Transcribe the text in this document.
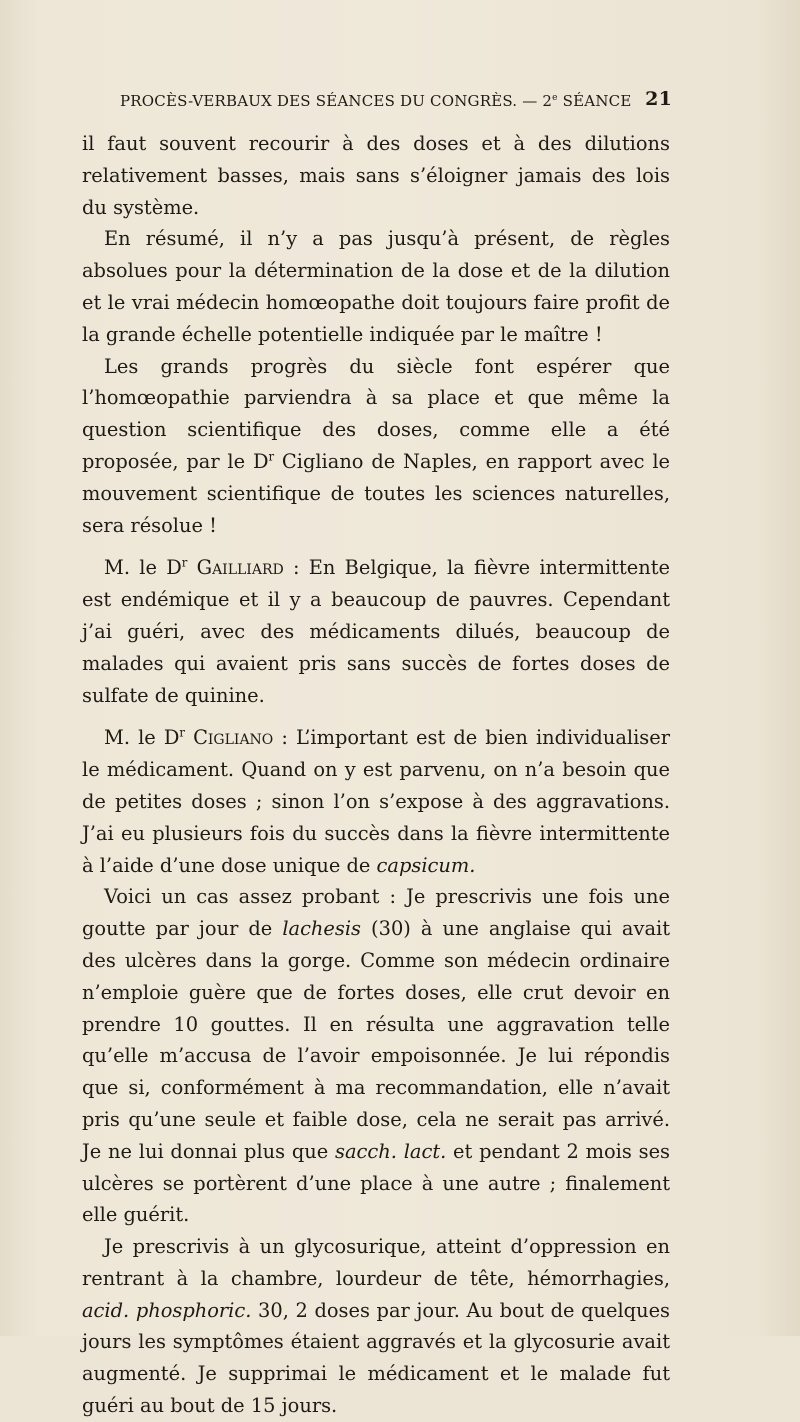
PROCÈS-VERBAUX DES SÉANCES DU CONGRÈS. — 2e SÉANCE 21

il faut souvent recourir à des doses et à des dilutions relativement basses, mais sans s’éloigner jamais des lois du système.

En résumé, il n’y a pas jusqu’à présent, de règles absolues pour la détermination de la dose et de la dilution et le vrai médecin homœopathe doit toujours faire profit de la grande échelle potentielle indiquée par le maître !

Les grands progrès du siècle font espérer que l’homœopathie parviendra à sa place et que même la question scientifique des doses, comme elle a été proposée, par le $D^r$ Cigliano de Naples, en rapport avec le mouvement scientifique de toutes les sciences naturelles, sera résolue !

M. le $D^r$ Gailliard : En Belgique, la fièvre intermittente est endémique et il y a beaucoup de pauvres. Cependant j’ai guéri, avec des médicaments dilués, beaucoup de malades qui avaient pris sans succès de fortes doses de sulfate de quinine.

M. le $D^r$ Cigliano : L’important est de bien individualiser le médicament. Quand on y est parvenu, on n’a besoin que de petites doses ; sinon l’on s’expose à des aggravations. J’ai eu plusieurs fois du succès dans la fièvre intermittente à l’aide d’une dose unique de capsicum.

Voici un cas assez probant : Je prescrivis une fois une goutte par jour de lachesis (30) à une anglaise qui avait des ulcères dans la gorge. Comme son médecin ordinaire n’emploie guère que de fortes doses, elle crut devoir en prendre 10 gouttes. Il en résulta une aggravation telle qu’elle m’accusa de l’avoir empoisonnée. Je lui répondis que si, conformément à ma recommandation, elle n’avait pris qu’une seule et faible dose, cela ne serait pas arrivé. Je ne lui donnai plus que sacch. lact. et pendant 2 mois ses ulcères se portèrent d’une place à une autre ; finalement elle guérit.

Je prescrivis à un glycosurique, atteint d’oppression en rentrant à la chambre, lourdeur de tête, hémorrhagies, acid. phosphoric. 30, 2 doses par jour. Au bout de quelques jours les symptômes étaient aggravés et la glycosurie avait augmenté. Je supprimai le médicament et le malade fut guéri au bout de 15 jours.
